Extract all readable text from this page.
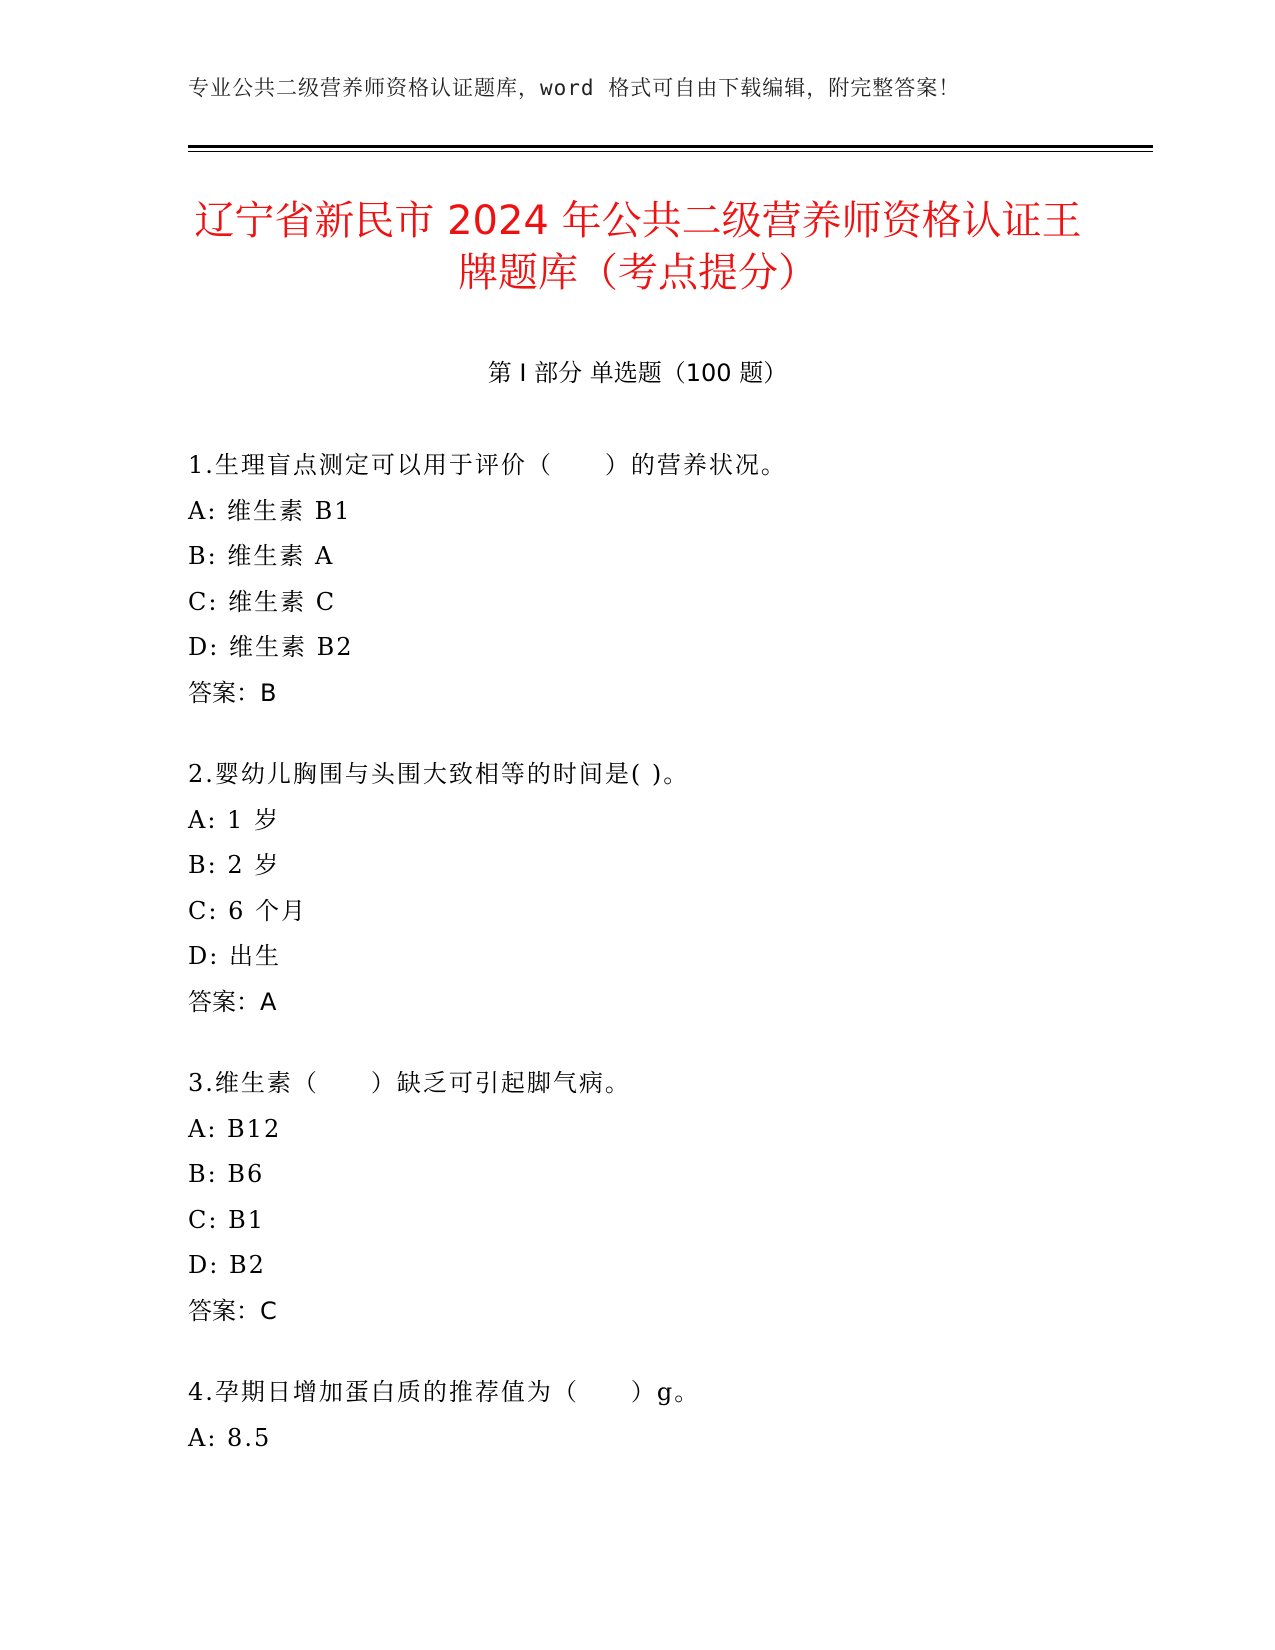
专业公共二级营养师资格认证题库，word 格式可自由下载编辑，附完整答案！
辽宁省新民市 2024 年公共二级营养师资格认证王牌题库（考点提分）
第 I 部分 单选题（100 题）
1.生理盲点测定可以用于评价（　　）的营养状况。
A: 维生素 B1
B: 维生素 A
C: 维生素 C
D: 维生素 B2
答案：B
2.婴幼儿胸围与头围大致相等的时间是( )。
A: 1 岁
B: 2 岁
C: 6 个月
D: 出生
答案：A
3.维生素（　　）缺乏可引起脚气病。
A: B12
B: B6
C: B1
D: B2
答案：C
4.孕期日增加蛋白质的推荐值为（　　）g。
A: 8.5
